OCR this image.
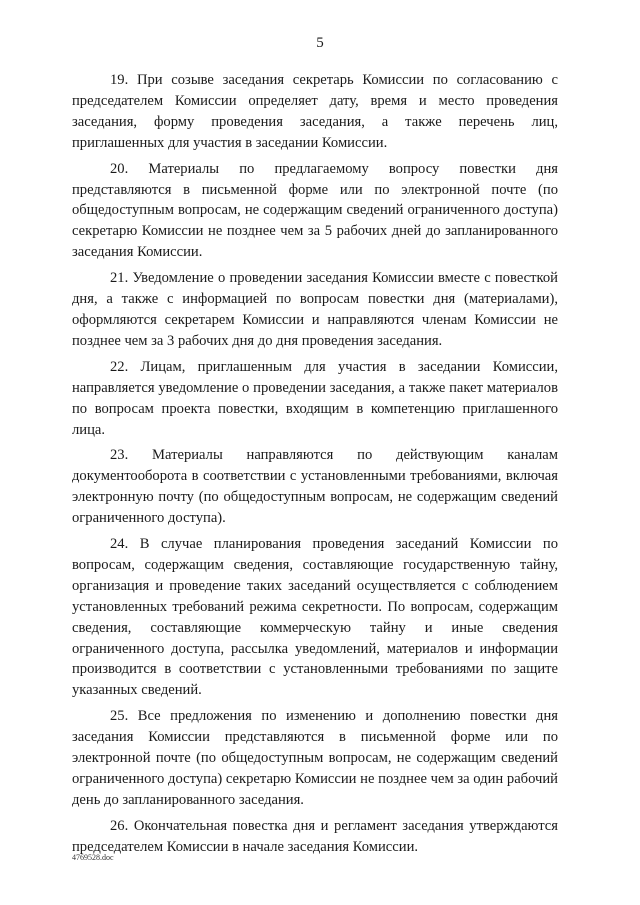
5

19. При созыве заседания секретарь Комиссии по согласованию с председателем Комиссии определяет дату, время и место проведения заседания, форму проведения заседания, а также перечень лиц, приглашенных для участия в заседании Комиссии.

20. Материалы по предлагаемому вопросу повестки дня представляются в письменной форме или по электронной почте (по общедоступным вопросам, не содержащим сведений ограниченного доступа) секретарю Комиссии не позднее чем за 5 рабочих дней до запланированного заседания Комиссии.

21. Уведомление о проведении заседания Комиссии вместе с повесткой дня, а также с информацией по вопросам повестки дня (материалами), оформляются секретарем Комиссии и направляются членам Комиссии не позднее чем за 3 рабочих дня до дня проведения заседания.

22. Лицам, приглашенным для участия в заседании Комиссии, направляется уведомление о проведении заседания, а также пакет материалов по вопросам проекта повестки, входящим в компетенцию приглашенного лица.

23. Материалы направляются по действующим каналам документооборота в соответствии с установленными требованиями, включая электронную почту (по общедоступным вопросам, не содержащим сведений ограниченного доступа).

24. В случае планирования проведения заседаний Комиссии по вопросам, содержащим сведения, составляющие государственную тайну, организация и проведение таких заседаний осуществляется с соблюдением установленных требований режима секретности. По вопросам, содержащим сведения, составляющие коммерческую тайну и иные сведения ограниченного доступа, рассылка уведомлений, материалов и информации производится в соответствии с установленными требованиями по защите указанных сведений.

25. Все предложения по изменению и дополнению повестки дня заседания Комиссии представляются в письменной форме или по электронной почте (по общедоступным вопросам, не содержащим сведений ограниченного доступа) секретарю Комиссии не позднее чем за один рабочий день до запланированного заседания.

26. Окончательная повестка дня и регламент заседания утверждаются председателем Комиссии в начале заседания Комиссии.

4769528.doc
